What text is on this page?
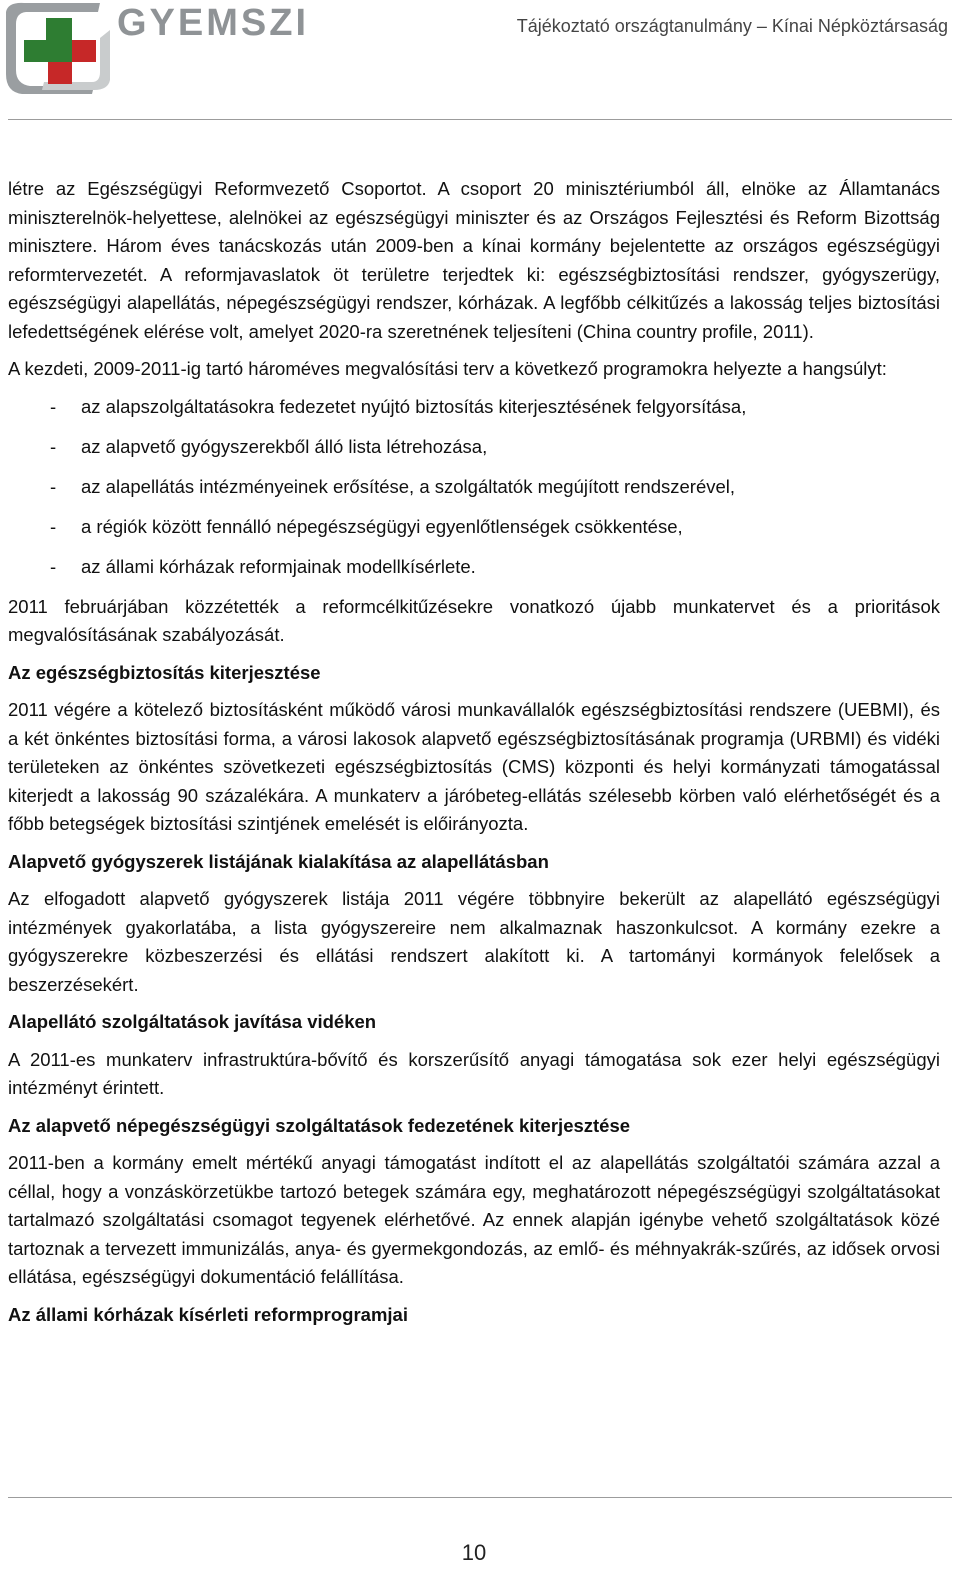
GYEMSZI	Tájékoztató országtanulmány – Kínai Népköztársaság

létre az Egészségügyi Reformvezető Csoportot. A csoport 20 minisztériumból áll, elnöke az Államtanács miniszterelnök-helyettese, alelnökei az egészségügyi miniszter és az Országos Fejlesztési és Reform Bizottság minisztere. Három éves tanácskozás után 2009-ben a kínai kormány bejelentette az országos egészségügyi reformtervezetét. A reformjavaslatok öt területre terjedtek ki: egészségbiztosítási rendszer, gyógyszerügy, egészségügyi alapellátás, népegészségügyi rendszer, kórházak. A legfőbb célkitűzés a lakosság teljes biztosítási lefedettségének elérése volt, amelyet 2020-ra szeretnének teljesíteni (China country profile, 2011).

A kezdeti, 2009-2011-ig tartó hároméves megvalósítási terv a következő programokra helyezte a hangsúlyt:

- az alapszolgáltatásokra fedezetet nyújtó biztosítás kiterjesztésének felgyorsítása,
- az alapvető gyógyszerekből álló lista létrehozása,
- az alapellátás intézményeinek erősítése, a szolgáltatók megújított rendszerével,
- a régiók között fennálló népegészségügyi egyenlőtlenségek csökkentése,
- az állami kórházak reformjainak modellkísérlete.

2011 februárjában közzétették a reformcélkitűzésekre vonatkozó újabb munkatervet és a prioritások megvalósításának szabályozását.

Az egészségbiztosítás kiterjesztése

2011 végére a kötelező biztosításként működő városi munkavállalók egészségbiztosítási rendszere (UEBMI), és a két önkéntes biztosítási forma, a városi lakosok alapvető egészségbiztosításának programja (URBMI) és vidéki területeken az önkéntes szövetkezeti egészségbiztosítás (CMS) központi és helyi kormányzati támogatással kiterjedt a lakosság 90 százalékára. A munkaterv a járóbeteg-ellátás szélesebb körben való elérhetőségét és a főbb betegségek biztosítási szintjének emelését is előirányozta.

Alapvető gyógyszerek listájának kialakítása az alapellátásban

Az elfogadott alapvető gyógyszerek listája 2011 végére többnyire bekerült az alapellátó egészségügyi intézmények gyakorlatába, a lista gyógyszereire nem alkalmaznak haszonkulcsot. A kormány ezekre a gyógyszerekre közbeszerzési és ellátási rendszert alakított ki. A tartományi kormányok felelősek a beszerzésekért.

Alapellátó szolgáltatások javítása vidéken

A 2011-es munkaterv infrastruktúra-bővítő és korszerűsítő anyagi támogatása sok ezer helyi egészségügyi intézményt érintett.

Az alapvető népegészségügyi szolgáltatások fedezetének kiterjesztése

2011-ben a kormány emelt mértékű anyagi támogatást indított el az alapellátás szolgáltatói számára azzal a céllal, hogy a vonzáskörzetükbe tartozó betegek számára egy, meghatározott népegészségügyi szolgáltatásokat tartalmazó szolgáltatási csomagot tegyenek elérhetővé. Az ennek alapján igénybe vehető szolgáltatások közé tartoznak a tervezett immunizálás, anya- és gyermekgondozás, az emlő- és méhnyakrák-szűrés, az idősek orvosi ellátása, egészségügyi dokumentáció felállítása.

Az állami kórházak kísérleti reformprogramjai
10
